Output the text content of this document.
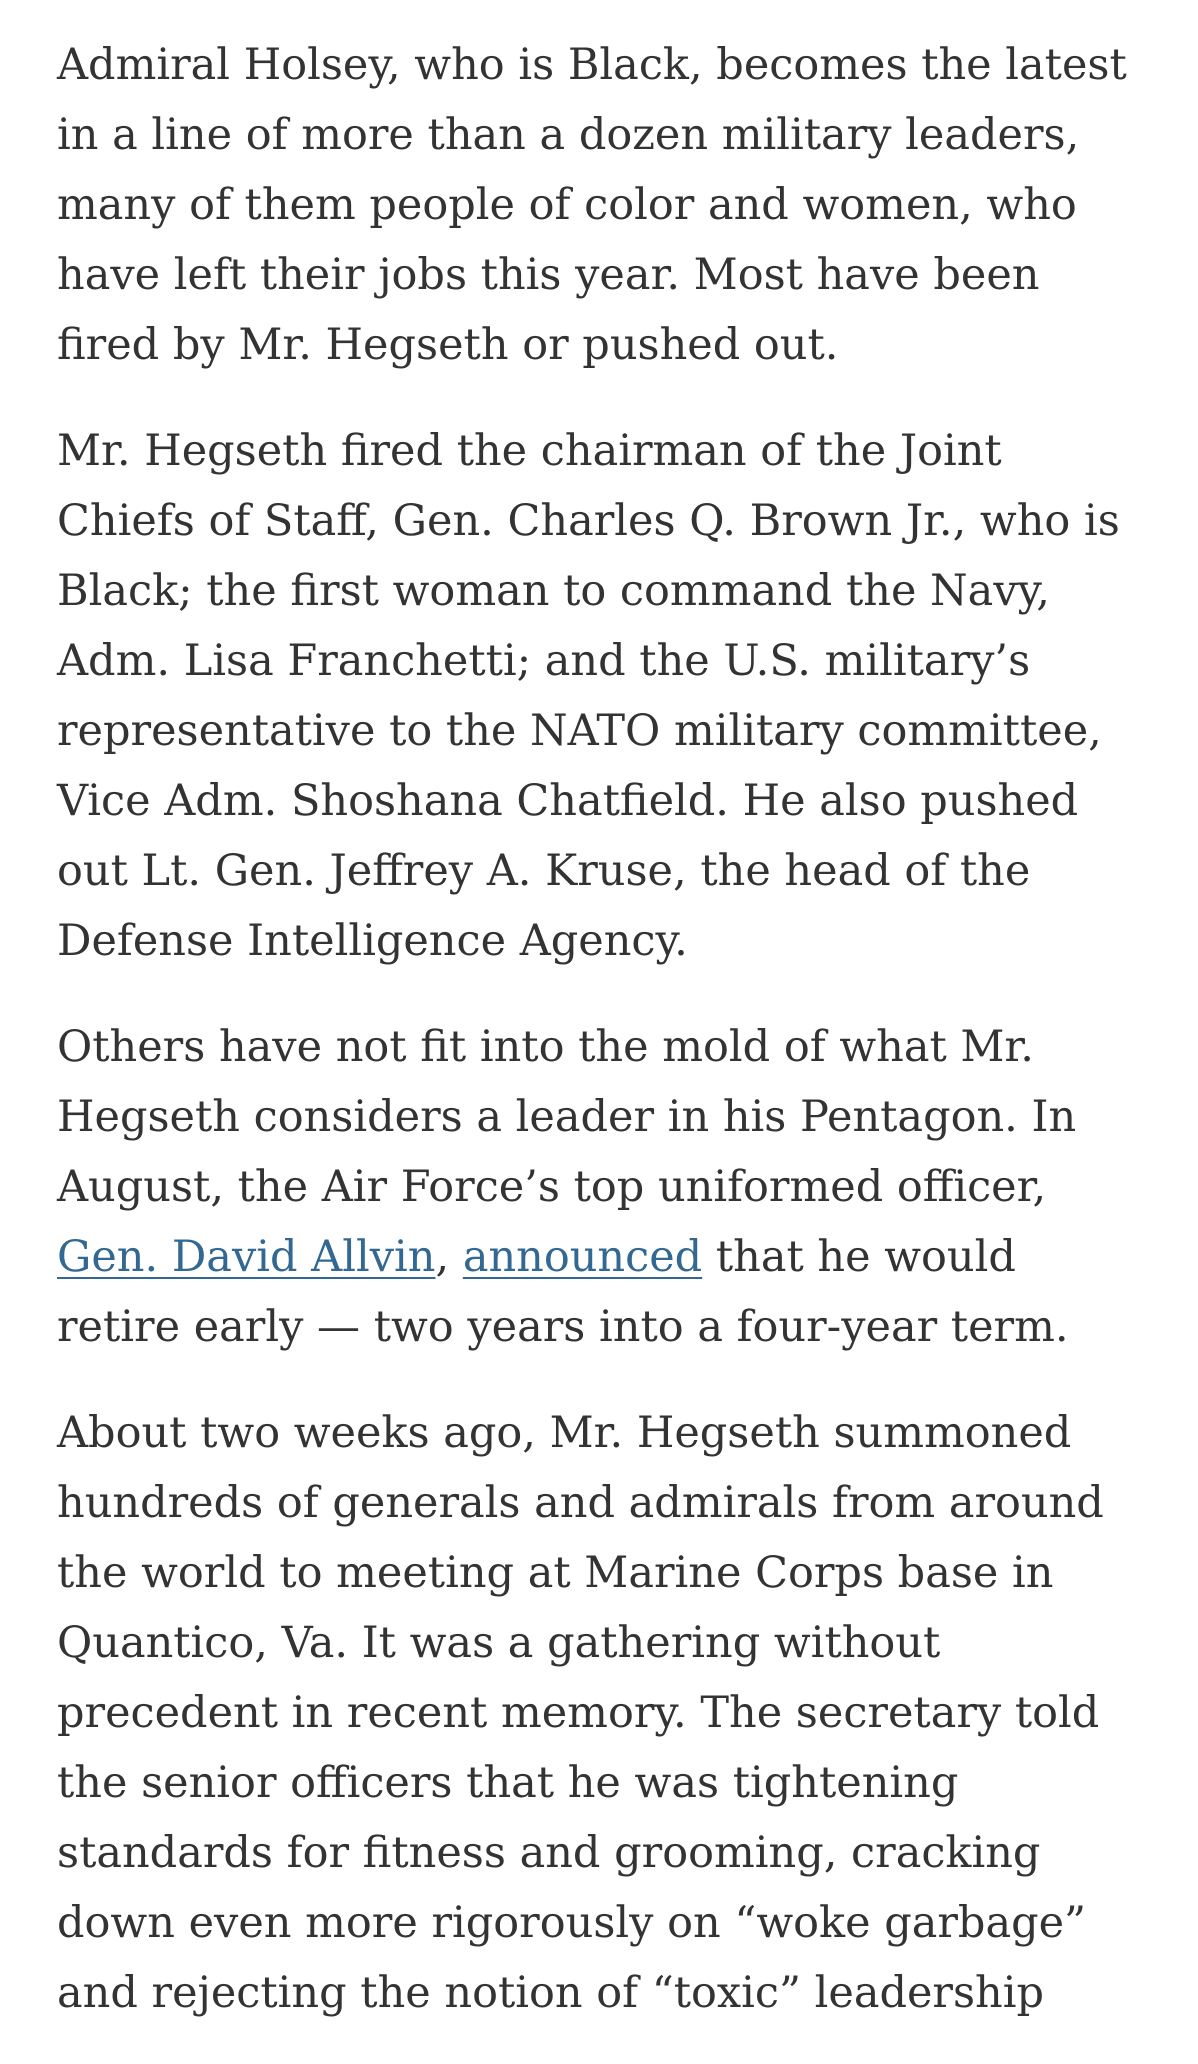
Admiral Holsey, who is Black, becomes the latest in a line of more than a dozen military leaders, many of them people of color and women, who have left their jobs this year. Most have been fired by Mr. Hegseth or pushed out.

Mr. Hegseth fired the chairman of the Joint Chiefs of Staff, Gen. Charles Q. Brown Jr., who is Black; the first woman to command the Navy, Adm. Lisa Franchetti; and the U.S. military’s representative to the NATO military committee, Vice Adm. Shoshana Chatfield. He also pushed out Lt. Gen. Jeffrey A. Kruse, the head of the Defense Intelligence Agency.

Others have not fit into the mold of what Mr. Hegseth considers a leader in his Pentagon. In August, the Air Force’s top uniformed officer, Gen. David Allvin, announced that he would retire early — two years into a four-year term.

About two weeks ago, Mr. Hegseth summoned hundreds of generals and admirals from around the world to meeting at Marine Corps base in Quantico, Va. It was a gathering without precedent in recent memory. The secretary told the senior officers that he was tightening standards for fitness and grooming, cracking down even more rigorously on “woke garbage” and rejecting the notion of “toxic” leadership
